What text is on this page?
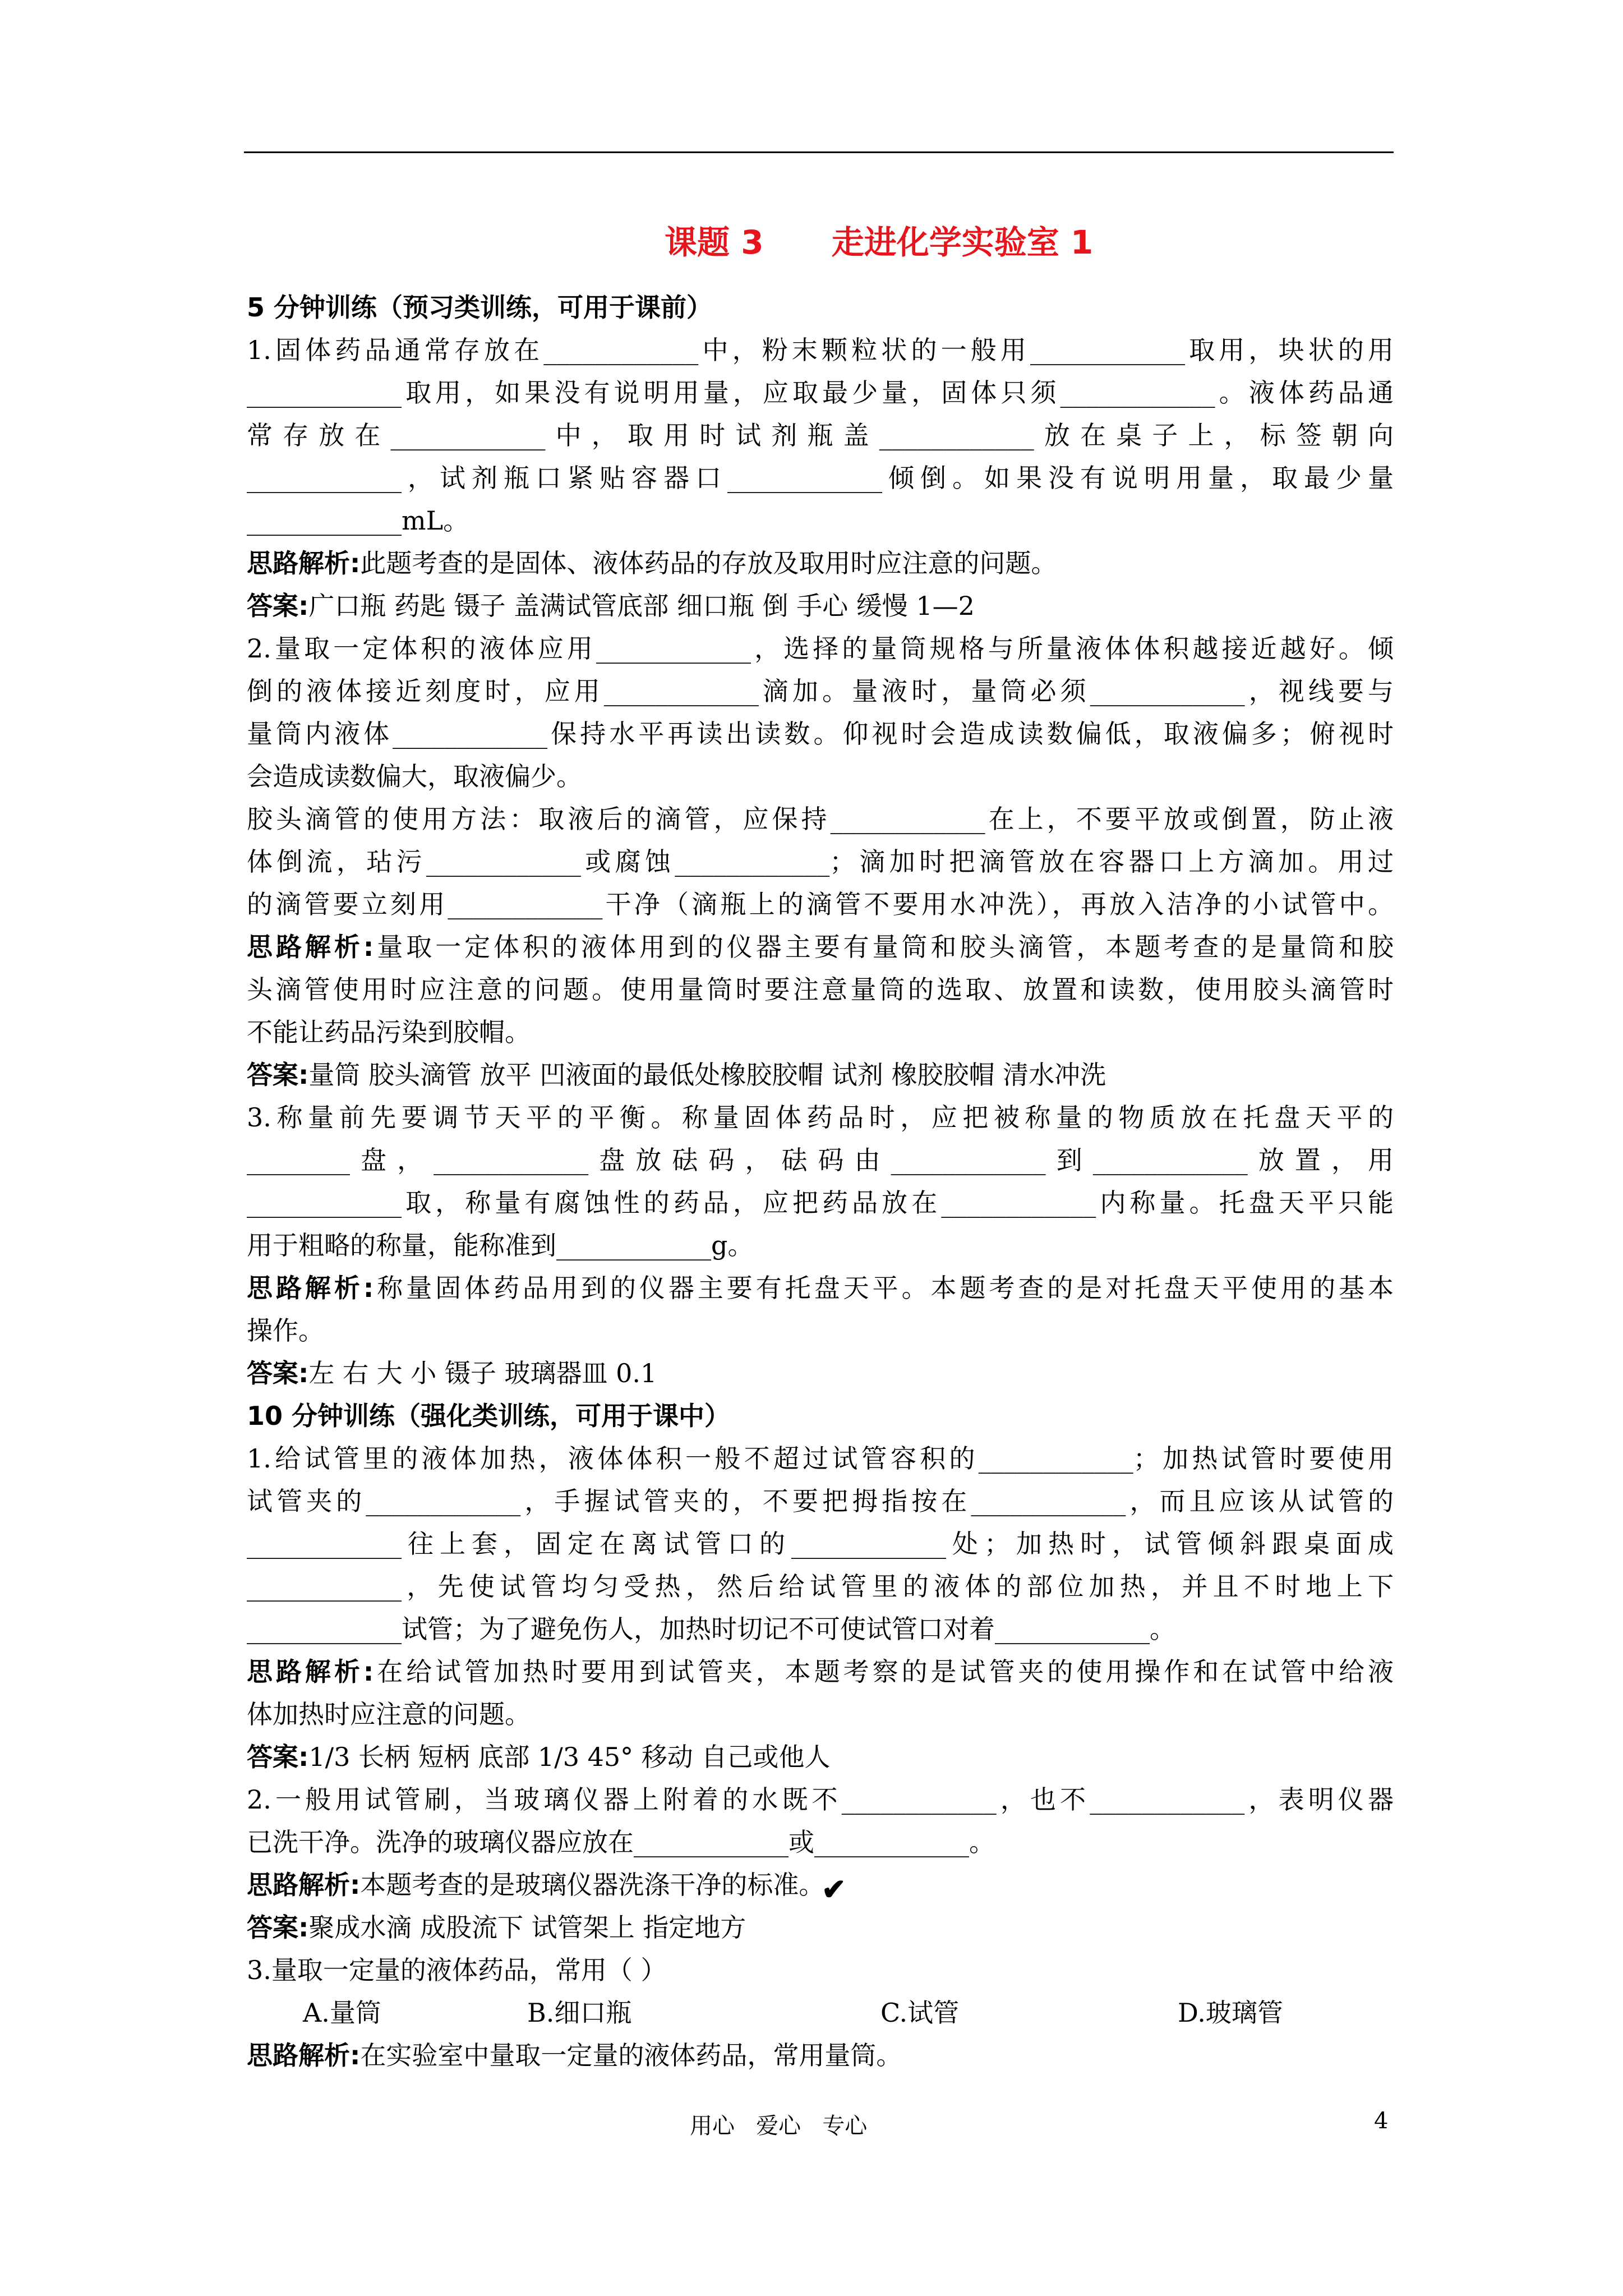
课题 3      走进化学实验室 1
5 分钟训练（预习类训练，可用于课前）
1.固体药品通常存放在____________中，粉末颗粒状的一般用____________取用，块状的用
____________取用，如果没有说明用量，应取最少量，固体只须____________。液体药品通
常存放在____________中，取用时试剂瓶盖____________放在桌子上，标签朝向
____________，试剂瓶口紧贴容器口____________倾倒。如果没有说明用量，取最少量
____________mL。
思路解析:此题考查的是固体、液体药品的存放及取用时应注意的问题。
答案:广口瓶 药匙 镊子 盖满试管底部 细口瓶 倒 手心 缓慢 1—2
2.量取一定体积的液体应用____________，选择的量筒规格与所量液体体积越接近越好。倾
倒的液体接近刻度时，应用____________滴加。量液时，量筒必须____________，视线要与
量筒内液体____________保持水平再读出读数。仰视时会造成读数偏低，取液偏多；俯视时
会造成读数偏大，取液偏少。
胶头滴管的使用方法：取液后的滴管，应保持____________在上，不要平放或倒置，防止液
体倒流，玷污____________或腐蚀____________；滴加时把滴管放在容器口上方滴加。用过
的滴管要立刻用____________干净（滴瓶上的滴管不要用水冲洗），再放入洁净的小试管中。
思路解析:量取一定体积的液体用到的仪器主要有量筒和胶头滴管，本题考查的是量筒和胶
头滴管使用时应注意的问题。使用量筒时要注意量筒的选取、放置和读数，使用胶头滴管时
不能让药品污染到胶帽。
答案:量筒 胶头滴管 放平 凹液面的最低处橡胶胶帽 试剂 橡胶胶帽 清水冲洗
3.称量前先要调节天平的平衡。称量固体药品时，应把被称量的物质放在托盘天平的
________盘，____________盘放砝码，砝码由____________到____________放置，用
____________取，称量有腐蚀性的药品，应把药品放在____________内称量。托盘天平只能
用于粗略的称量，能称准到____________g。
思路解析:称量固体药品用到的仪器主要有托盘天平。本题考查的是对托盘天平使用的基本
操作。
答案:左 右 大 小 镊子 玻璃器皿 0.1
10 分钟训练（强化类训练，可用于课中）
1.给试管里的液体加热，液体体积一般不超过试管容积的____________；加热试管时要使用
试管夹的____________，手握试管夹的，不要把拇指按在____________，而且应该从试管的
____________往上套，固定在离试管口的____________处；加热时，试管倾斜跟桌面成
____________，先使试管均匀受热，然后给试管里的液体的部位加热，并且不时地上下
____________试管；为了避免伤人，加热时切记不可使试管口对着____________。
思路解析:在给试管加热时要用到试管夹，本题考察的是试管夹的使用操作和在试管中给液
体加热时应注意的问题。
答案:1/3 长柄 短柄 底部 1/3 45° 移动 自己或他人
2.一般用试管刷，当玻璃仪器上附着的水既不____________，也不____________，表明仪器
已洗干净。洗净的玻璃仪器应放在____________或____________。
思路解析:本题考查的是玻璃仪器洗涤干净的标准。
答案:聚成水滴 成股流下 试管架上 指定地方
3.量取一定量的液体药品，常用（ ）
A.量筒	B.细口瓶	C.试管	D.玻璃管
思路解析:在实验室中量取一定量的液体药品，常用量筒。
✔
用心   爱心   专心	4
